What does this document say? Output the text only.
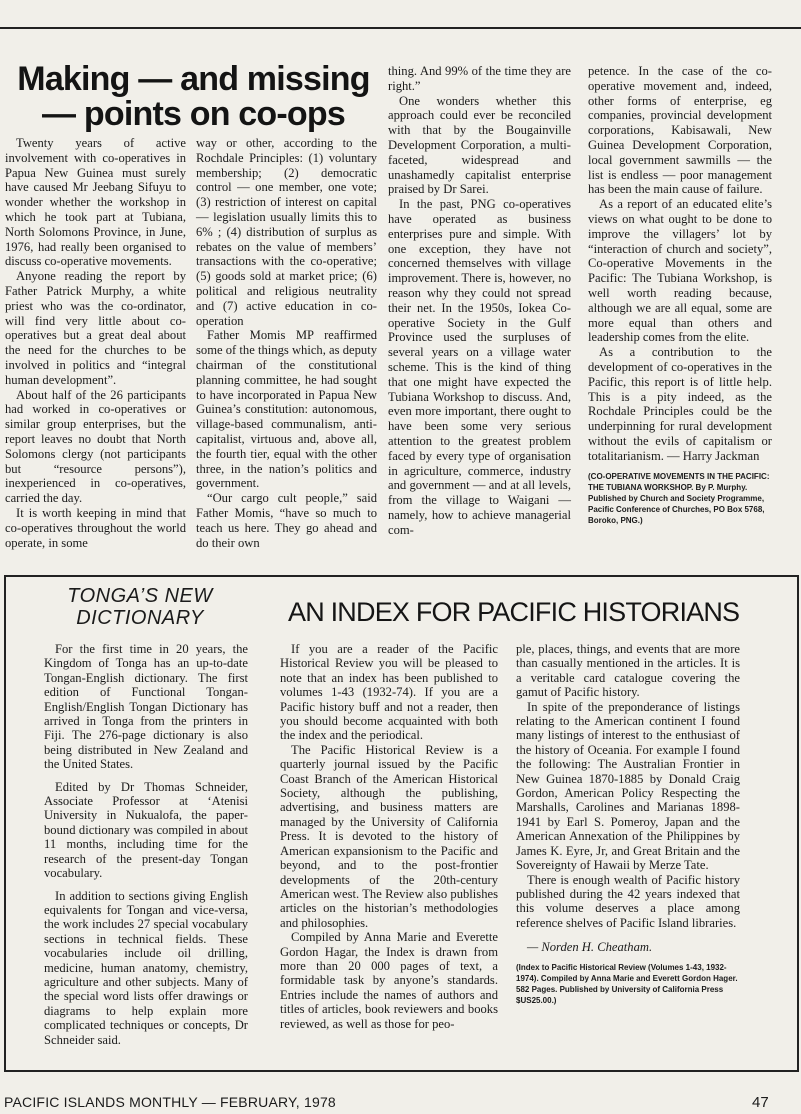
Making — and missing — points on co-ops

Twenty years of active involvement with co-operatives in Papua New Guinea must surely have caused Mr Jeebang Sifuyu to wonder whether the workshop in which he took part at Tubiana, North Solomons Province, in June, 1976, had really been organised to discuss co-operative movements.

Anyone reading the report by Father Patrick Murphy, a white priest who was the co-ordinator, will find very little about co-operatives but a great deal about the need for the churches to be involved in politics and “integral human development”.

About half of the 26 participants had worked in co-operatives or similar group enterprises, but the report leaves no doubt that North Solomons clergy (not participants but “resource persons”), inexperienced in co-operatives, carried the day.

It is worth keeping in mind that co-operatives throughout the world operate, in some

way or other, according to the Rochdale Principles: (1) voluntary membership; (2) democratic control — one member, one vote; (3) restriction of interest on capital — legislation usually limits this to 6% ; (4) distribution of surplus as rebates on the value of members’ transactions with the co-operative; (5) goods sold at market price; (6) political and religious neutrality and (7) active education in co-operation

Father Momis MP reaffirmed some of the things which, as deputy chairman of the constitutional planning committee, he had sought to have incorporated in Papua New Guinea’s constitution: autonomous, village-based communalism, anti-capitalist, virtuous and, above all, the fourth tier, equal with the other three, in the nation’s politics and government.

“Our cargo cult people,” said Father Momis, “have so much to teach us here. They go ahead and do their own

thing. And 99% of the time they are right.”

One wonders whether this approach could ever be reconciled with that by the Bougainville Development Corporation, a multi-faceted, widespread and unashamedly capitalist enterprise praised by Dr Sarei.

In the past, PNG co-operatives have operated as business enterprises pure and simple. With one exception, they have not concerned themselves with village improvement. There is, however, no reason why they could not spread their net. In the 1950s, Iokea Co-operative Society in the Gulf Province used the surpluses of several years on a village water scheme. This is the kind of thing that one might have expected the Tubiana Workshop to discuss. And, even more important, there ought to have been some very serious attention to the greatest problem faced by every type of organisation in agriculture, commerce, industry and government — and at all levels, from the village to Waigani — namely, how to achieve managerial com-

petence. In the case of the co-operative movement and, indeed, other forms of enterprise, eg companies, provincial development corporations, Kabisawali, New Guinea Development Corporation, local government sawmills — the list is endless — poor management has been the main cause of failure.

As a report of an educated elite’s views on what ought to be done to improve the villagers’ lot by “interaction of church and society”, Co-operative Movements in the Pacific: The Tubiana Workshop, is well worth reading because, although we are all equal, some are more equal than others and leadership comes from the elite.

As a contribution to the development of co-operatives in the Pacific, this report is of little help. This is a pity indeed, as the Rochdale Principles could be the underpinning for rural development without the evils of capitalism or totalitarianism. — Harry Jackman

(CO-OPERATIVE MOVEMENTS IN THE PACIFIC: THE TUBIANA WORKSHOP. By P. Murphy. Published by Church and Society Programme, Pacific Conference of Churches, PO Box 5768, Boroko, PNG.)

TONGA’S NEW DICTIONARY	AN INDEX FOR PACIFIC HISTORIANS

For the first time in 20 years, the Kingdom of Tonga has an up-to-date Tongan-English dictionary. The first edition of Functional Tongan-English/English Tongan Dictionary has arrived in Tonga from the printers in Fiji. The 276-page dictionary is also being distributed in New Zealand and the United States.

Edited by Dr Thomas Schneider, Associate Professor at ‘Atenisi University in Nukualofa, the paper-bound dictionary was compiled in about 11 months, including time for the research of the present-day Tongan vocabulary.

In addition to sections giving English equivalents for Tongan and vice-versa, the work includes 27 special vocabulary sections in technical fields. These vocabularies include oil drilling, medicine, human anatomy, chemistry, agriculture and other subjects. Many of the special word lists offer drawings or diagrams to help explain more complicated techniques or concepts, Dr Schneider said.

If you are a reader of the Pacific Historical Review you will be pleased to note that an index has been published to volumes 1-43 (1932-74). If you are a Pacific history buff and not a reader, then you should become acquainted with both the index and the periodical.

The Pacific Historical Review is a quarterly journal issued by the Pacific Coast Branch of the American Historical Society, although the publishing, advertising, and business matters are managed by the University of California Press. It is devoted to the history of American expansionism to the Pacific and beyond, and to the post-frontier developments of the 20th-century American west. The Review also publishes articles on the historian’s methodologies and philosophies.

Compiled by Anna Marie and Everette Gordon Hagar, the Index is drawn from more than 20 000 pages of text, a formidable task by anyone’s standards. Entries include the names of authors and titles of articles, book reviewers and books reviewed, as well as those for peo-

ple, places, things, and events that are more than casually mentioned in the articles. It is a veritable card catalogue covering the gamut of Pacific history.

In spite of the preponderance of listings relating to the American continent I found many listings of interest to the enthusiast of the history of Oceania. For example I found the following: The Australian Frontier in New Guinea 1870-1885 by Donald Craig Gordon, American Policy Respecting the Marshalls, Carolines and Marianas 1898-1941 by Earl S. Pomeroy, Japan and the American Annexation of the Philippines by James K. Eyre, Jr, and Great Britain and the Sovereignty of Hawaii by Merze Tate.

There is enough wealth of Pacific history published during the 42 years indexed that this volume deserves a place among reference shelves of Pacific Island libraries.

— Norden H. Cheatham.

(Index to Pacific Historical Review (Volumes 1-43, 1932-1974). Compiled by Anna Marie and Everett Gordon Hager. 582 Pages. Published by University of California Press $US25.00.)

PACIFIC ISLANDS MONTHLY — FEBRUARY, 1978	47
